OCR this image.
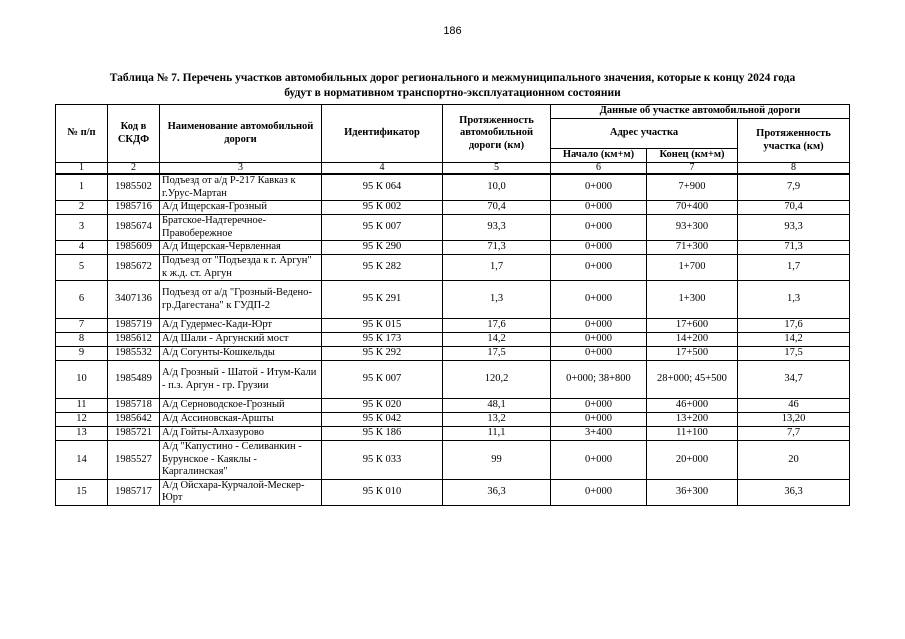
186
Таблица № 7. Перечень участков автомобильных дорог регионального и межмуниципального значения, которые к концу 2024 года
будут в нормативном транспортно-эксплуатационном состоянии
№ п/п	Код в СКДФ	Наименование автомобильной дороги	Идентификатор	Протяженность автомобильной дороги (км)	Данные об участке автомобильной дороги		
					Адрес участка		Протяженность участка (км)
					Начало (км+м)	Конец (км+м)	
1	2	3	4	5	6	7	8
1	1985502	Подъезд от а/д Р-217 Кавказ к г.Урус-Мартан	95 К 064	10,0	0+000	7+900	7,9
2	1985716	А/д Ищерская-Грозный	95 К 002	70,4	0+000	70+400	70,4
3	1985674	Братское-Надтеречное-Правобережное	95 К 007	93,3	0+000	93+300	93,3
4	1985609	А/д Ищерская-Червленная	95 К 290	71,3	0+000	71+300	71,3
5	1985672	Подъезд от "Подъезда к г. Аргун" к ж.д. ст. Аргун	95 К 282	1,7	0+000	1+700	1,7
6	3407136	Подъезд от а/д "Грозный-Ведено-гр.Дагестана" к ГУДП-2	95 К 291	1,3	0+000	1+300	1,3
7	1985719	А/д Гудермес-Кади-Юрт	95 К 015	17,6	0+000	17+600	17,6
8	1985612	А/д Шали - Аргунский мост	95 К 173	14,2	0+000	14+200	14,2
9	1985532	А/д Согунты-Кошкельды	95 К 292	17,5	0+000	17+500	17,5
10	1985489	А/д Грозный - Шатой - Итум-Кали - п.з. Аргун - гр. Грузии	95 К 007	120,2	0+000; 38+800	28+000; 45+500	34,7
11	1985718	А/д Серноводское-Грозный	95 К 020	48,1	0+000	46+000	46
12	1985642	А/д Ассиновская-Аршты	95 К 042	13,2	0+000	13+200	13,20
13	1985721	А/д Гойты-Алхазурово	95 К 186	11,1	3+400	11+100	7,7
14	1985527	А/д "Капустино - Селиванкин - Бурунское - Каяклы - Каргалинская"	95 К 033	99	0+000	20+000	20
15	1985717	А/д Ойсхара-Курчалой-Мескер-Юрт	95 К 010	36,3	0+000	36+300	36,3
